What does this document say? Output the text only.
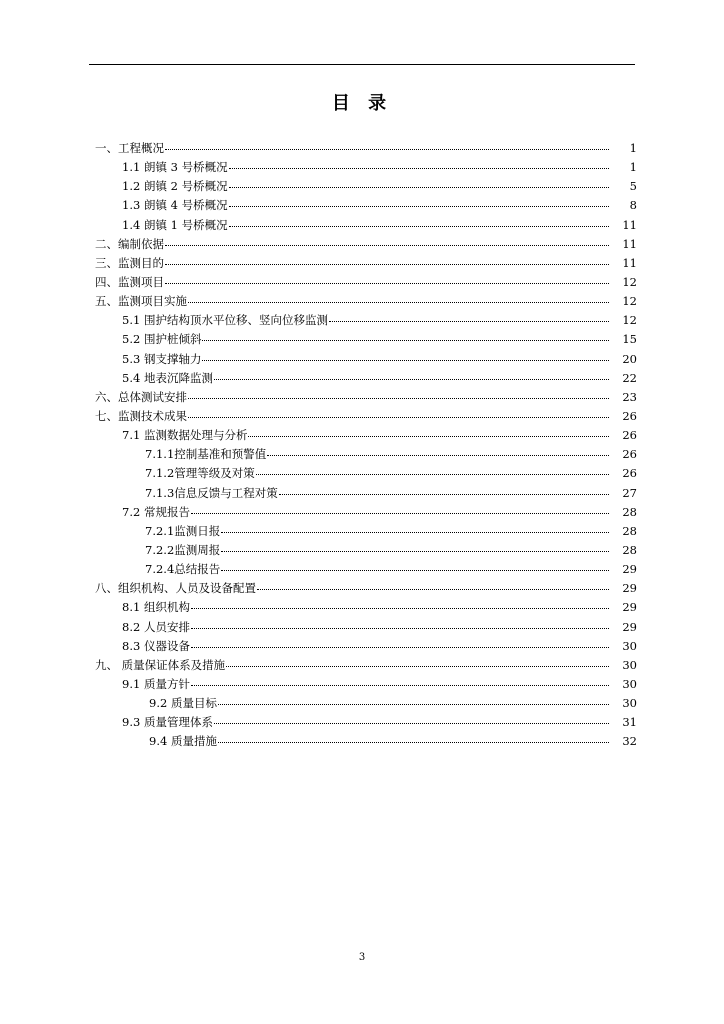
目 录
一、工程概况	1
1.1 朗镇 3 号桥概况	1
1.2 朗镇 2 号桥概况	5
1.3 朗镇 4 号桥概况	8
1.4 朗镇 1 号桥概况	11
二、编制依据	11
三、监测目的	11
四、监测项目	12
五、监测项目实施	12
5.1 围护结构顶水平位移、竖向位移监测	12
5.2 围护桩倾斜	15
5.3 钢支撑轴力	20
5.4 地表沉降监测	22
六、总体测试安排	23
七、监测技术成果	26
7.1 监测数据处理与分析	26
7.1.1控制基准和预警值	26
7.1.2管理等级及对策	26
7.1.3信息反馈与工程对策	27
7.2 常规报告	28
7.2.1监测日报	28
7.2.2监测周报	28
7.2.4总结报告	29
八、组织机构、人员及设备配置	29
8.1 组织机构	29
8.2 人员安排	29
8.3 仪器设备	30
九、 质量保证体系及措施	30
9.1 质量方针	30
9.2 质量目标	30
9.3 质量管理体系	31
9.4 质量措施	32
3
